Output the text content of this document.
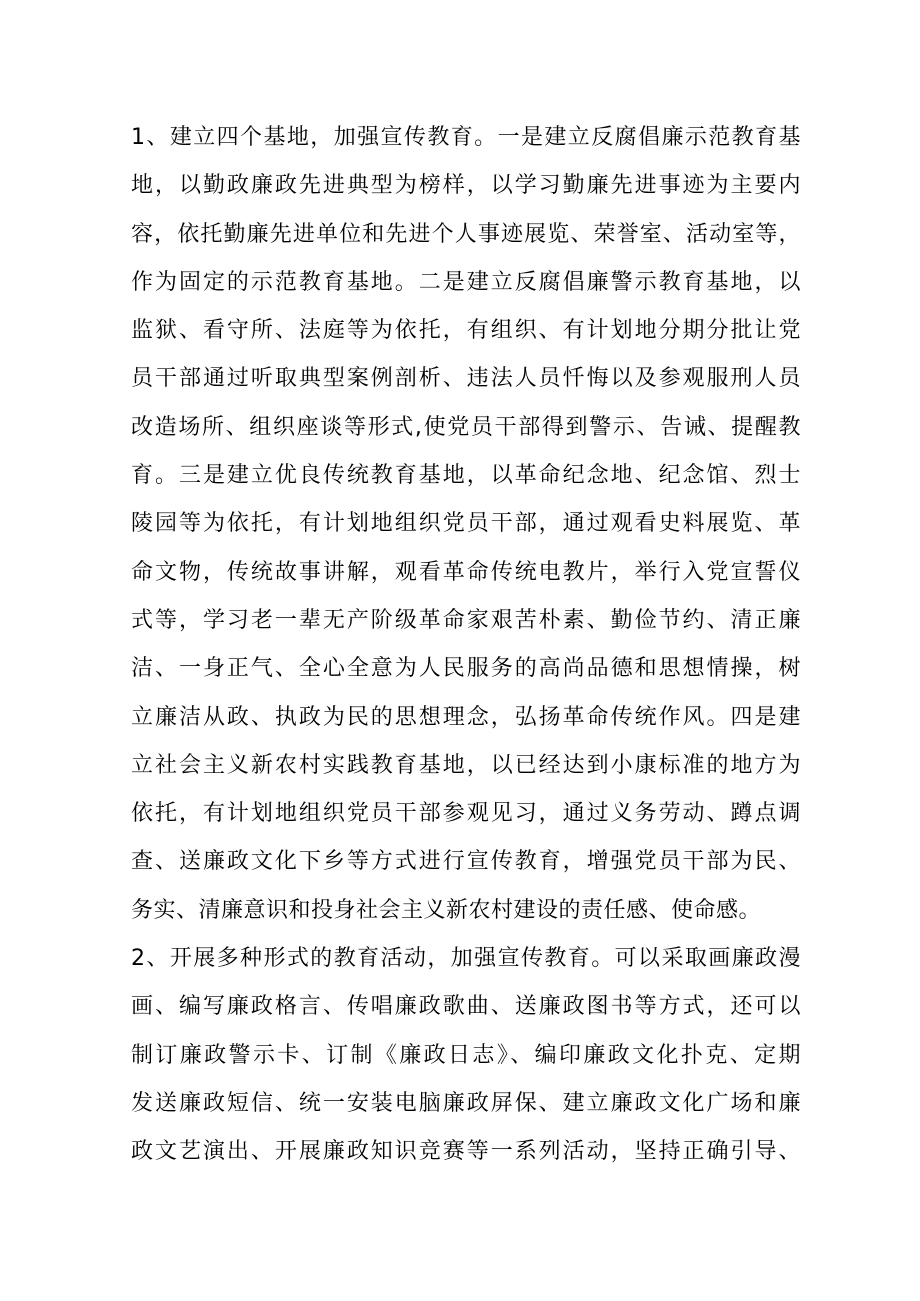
1、建立四个基地，加强宣传教育。一是建立反腐倡廉示范教育基
地，以勤政廉政先进典型为榜样，以学习勤廉先进事迹为主要内
容，依托勤廉先进单位和先进个人事迹展览、荣誉室、活动室等，
作为固定的示范教育基地。二是建立反腐倡廉警示教育基地，以
监狱、看守所、法庭等为依托，有组织、有计划地分期分批让党
员干部通过听取典型案例剖析、违法人员忏悔以及参观服刑人员
改造场所、组织座谈等形式,使党员干部得到警示、告诫、提醒教
育。三是建立优良传统教育基地，以革命纪念地、纪念馆、烈士
陵园等为依托，有计划地组织党员干部，通过观看史料展览、革
命文物，传统故事讲解，观看革命传统电教片，举行入党宣誓仪
式等，学习老一辈无产阶级革命家艰苦朴素、勤俭节约、清正廉
洁、一身正气、全心全意为人民服务的高尚品德和思想情操，树
立廉洁从政、执政为民的思想理念，弘扬革命传统作风。四是建
立社会主义新农村实践教育基地，以已经达到小康标准的地方为
依托，有计划地组织党员干部参观见习，通过义务劳动、蹲点调
查、送廉政文化下乡等方式进行宣传教育，增强党员干部为民、
务实、清廉意识和投身社会主义新农村建设的责任感、使命感。
2、开展多种形式的教育活动，加强宣传教育。可以采取画廉政漫
画、编写廉政格言、传唱廉政歌曲、送廉政图书等方式，还可以
制订廉政警示卡、订制《廉政日志》、编印廉政文化扑克、定期
发送廉政短信、统一安装电脑廉政屏保、建立廉政文化广场和廉
政文艺演出、开展廉政知识竞赛等一系列活动，坚持正确引导、
